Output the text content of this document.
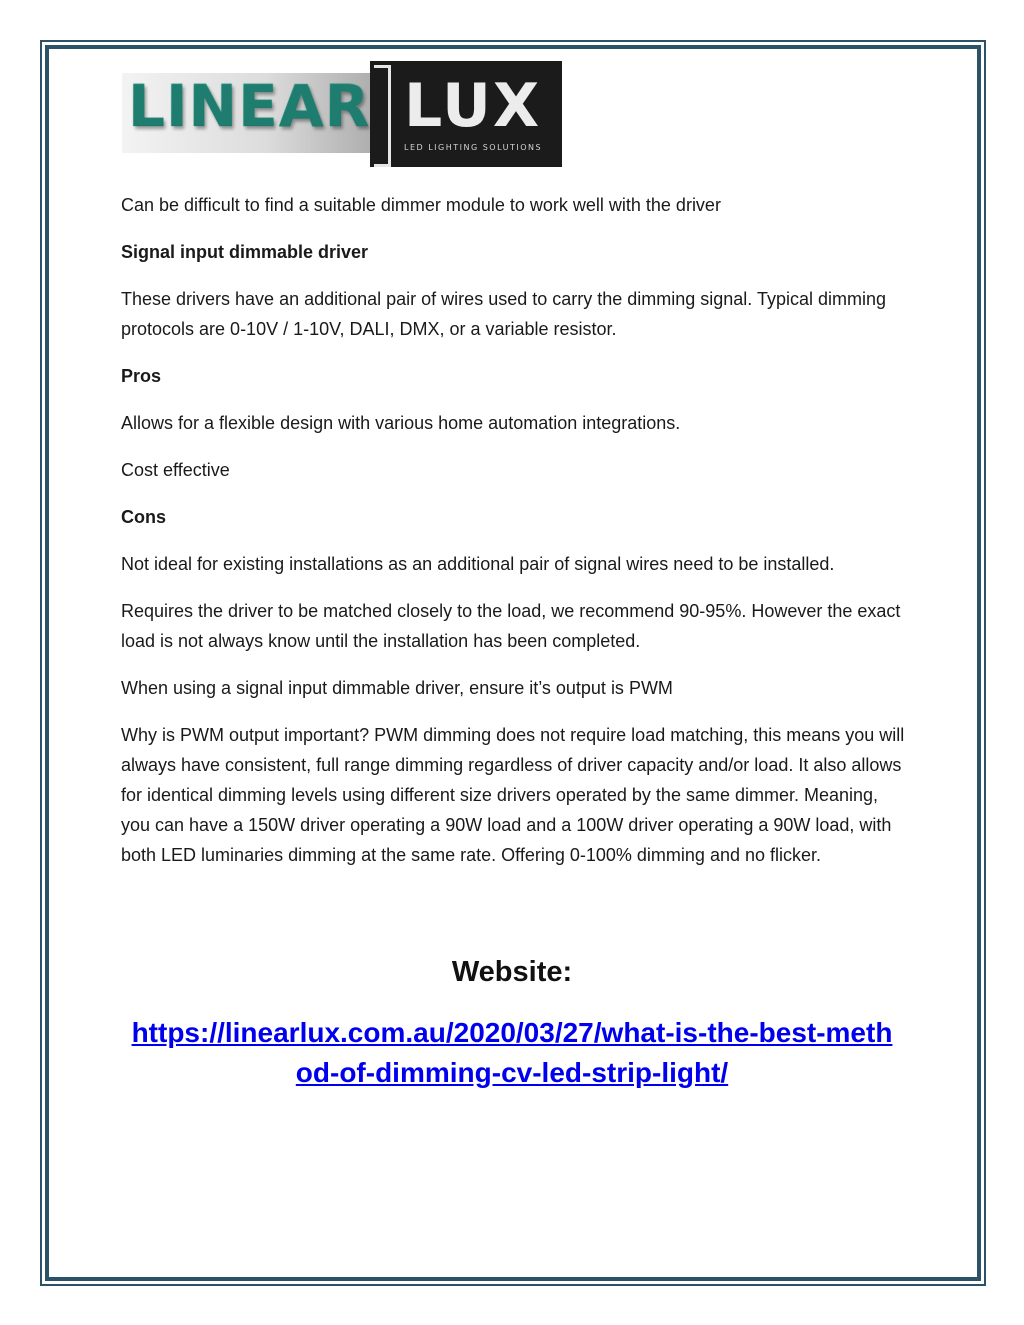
LINEAR LUX
LED LIGHTING SOLUTIONS

Can be difficult to find a suitable dimmer module to work well with the driver

Signal input dimmable driver

These drivers have an additional pair of wires used to carry the dimming signal. Typical dimming protocols are 0-10V / 1-10V, DALI, DMX, or a variable resistor.

Pros

Allows for a flexible design with various home automation integrations.

Cost effective

Cons

Not ideal for existing installations as an additional pair of signal wires need to be installed.

Requires the driver to be matched closely to the load, we recommend 90-95%. However the exact load is not always know until the installation has been completed.

When using a signal input dimmable driver, ensure it’s output is PWM

Why is PWM output important? PWM dimming does not require load matching, this means you will always have consistent, full range dimming regardless of driver capacity and/or load. It also allows for identical dimming levels using different size drivers operated by the same dimmer. Meaning, you can have a 150W driver operating a 90W load and a 100W driver operating a 90W load, with both LED luminaries dimming at the same rate. Offering 0-100% dimming and no flicker.

Website:
https://linearlux.com.au/2020/03/27/what-is-the-best-method-of-dimming-cv-led-strip-light/
